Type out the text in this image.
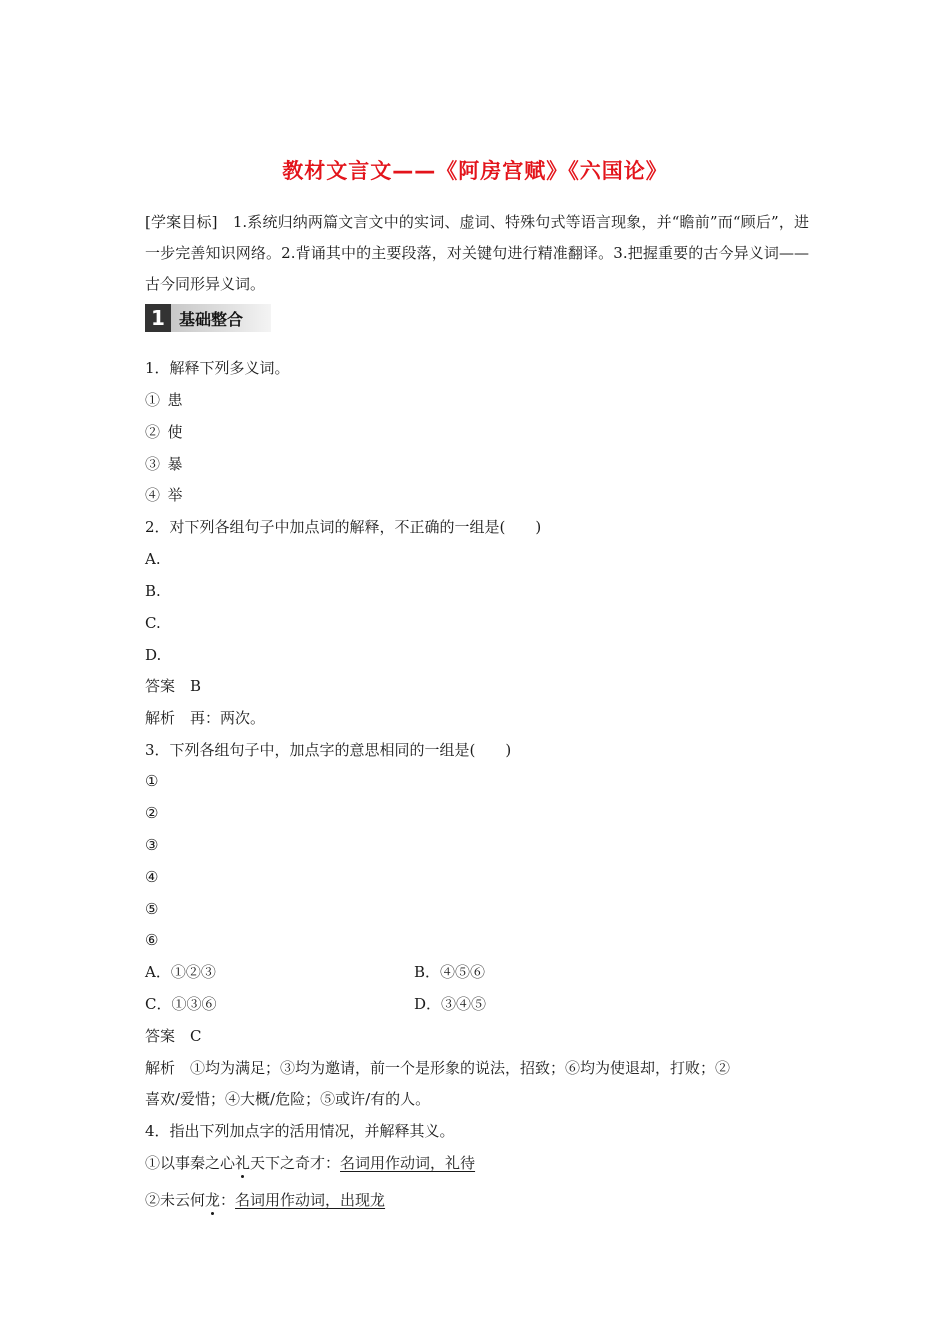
教材文言文——《阿房宫赋》《六国论》
[学案目标]　1.系统归纳两篇文言文中的实词、虚词、特殊句式等语言现象，并“瞻前”而“顾后”，进一步完善知识网络。2.背诵其中的主要段落，对关键句进行精准翻译。3.把握重要的古今异义词——古今同形异义词。
1 基础整合
1．解释下列多义词。
① 患
② 使
③ 暴
④ 举
2．对下列各组句子中加点词的解释，不正确的一组是(　　)
A.
B.
C.
D.
答案　B
解析　再：两次。
3．下列各组句子中，加点字的意思相同的一组是(　　)
①
②
③
④
⑤
⑥
A．①②③	B．④⑤⑥
C．①③⑥	D．③④⑤
答案　C
解析　①均为满足；③均为邀请，前一个是形象的说法，招致；⑥均为使退却，打败；②
喜欢/爱惜；④大概/危险；⑤或许/有的人。
4．指出下列加点字的活用情况，并解释其义。
①以事秦之心礼天下之奇才：名词用作动词，礼待
②未云何龙：名词用作动词，出现龙
